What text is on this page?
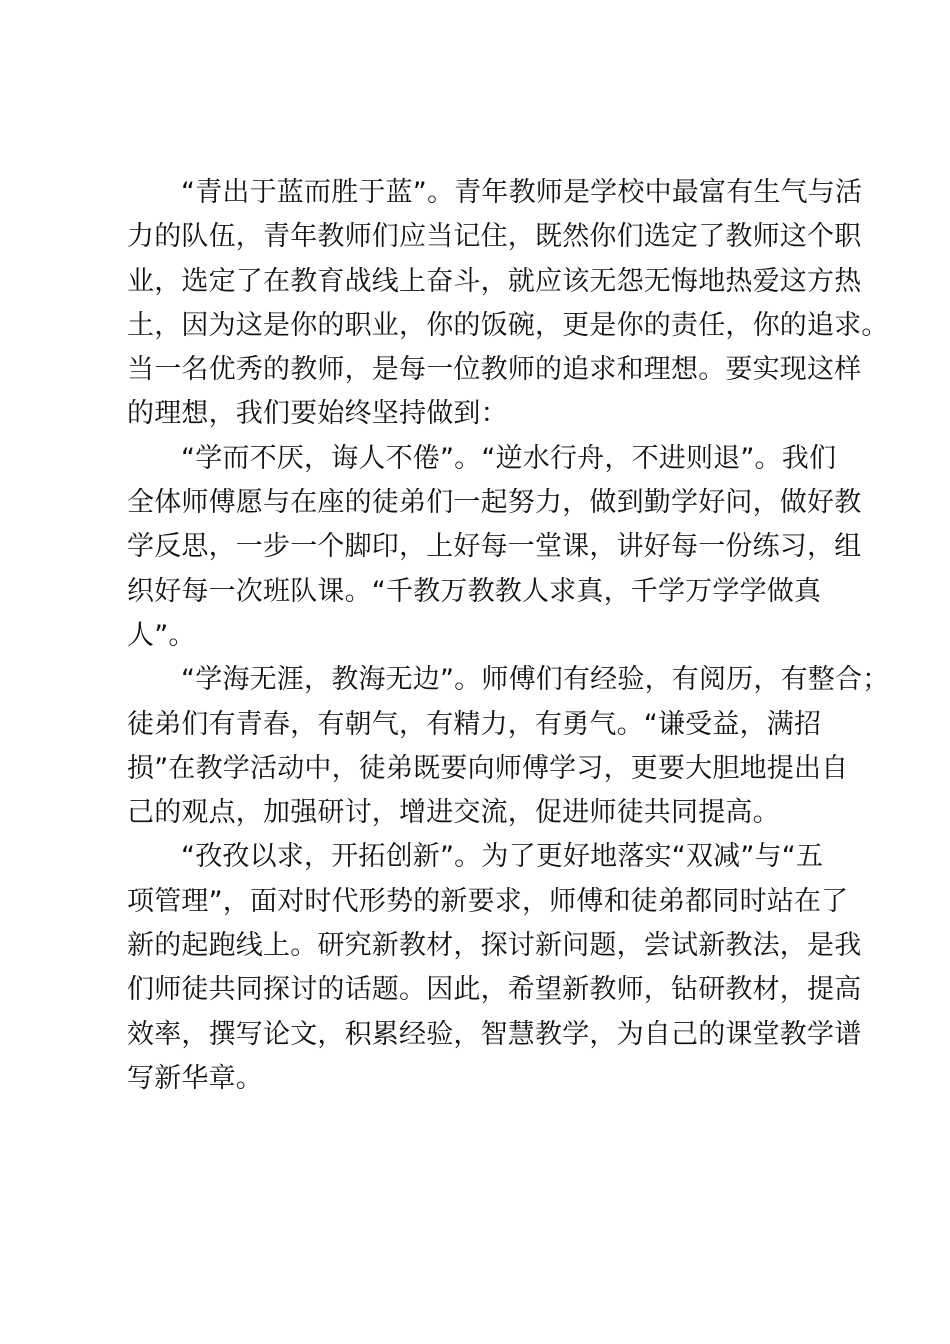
“青出于蓝而胜于蓝”。青年教师是学校中最富有生气与活
力的队伍，青年教师们应当记住，既然你们选定了教师这个职
业，选定了在教育战线上奋斗，就应该无怨无悔地热爱这方热
土，因为这是你的职业，你的饭碗，更是你的责任，你的追求。
当一名优秀的教师，是每一位教师的追求和理想。要实现这样
的理想，我们要始终坚持做到：
“学而不厌，诲人不倦”。“逆水行舟，不进则退”。我们
全体师傅愿与在座的徒弟们一起努力，做到勤学好问，做好教
学反思，一步一个脚印，上好每一堂课，讲好每一份练习，组
织好每一次班队课。“千教万教教人求真，千学万学学做真
人”。
“学海无涯，教海无边”。师傅们有经验，有阅历，有整合；
徒弟们有青春，有朝气，有精力，有勇气。“谦受益，满招
损”在教学活动中，徒弟既要向师傅学习，更要大胆地提出自
己的观点，加强研讨，增进交流，促进师徒共同提高。
“孜孜以求，开拓创新”。为了更好地落实“双减”与“五
项管理”，面对时代形势的新要求，师傅和徒弟都同时站在了
新的起跑线上。研究新教材，探讨新问题，尝试新教法，是我
们师徒共同探讨的话题。因此，希望新教师，钻研教材，提高
效率，撰写论文，积累经验，智慧教学，为自己的课堂教学谱
写新华章。
